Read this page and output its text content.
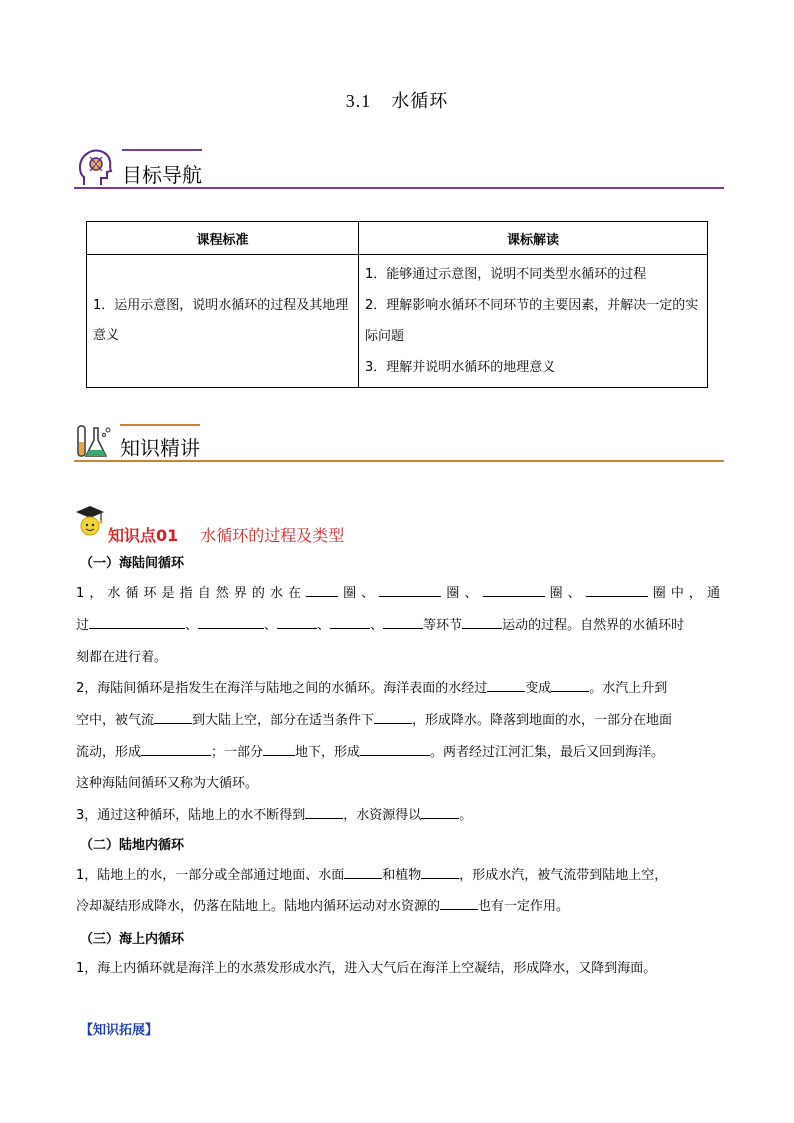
3.1 水循环
目标导航
课程标准	课标解读
1．运用示意图，说明水循环的过程及其地理意义	1．能够通过示意图，说明不同类型水循环的过程
2．理解影响水循环不同环节的主要因素，并解决一定的实际问题
3．理解并说明水循环的地理意义
知识精讲
知识点01 水循环的过程及类型
（一）海陆间循环
1，水循环是指自然界的水在 圈、	圈、	圈、	圈中，通
过	、	、	、	、	等环节	运动的过程。自然界的水循环时
刻都在进行着。
2，海陆间循环是指发生在海洋与陆地之间的水循环。海洋表面的水经过	变成	。水汽上升到
空中，被气流	到大陆上空，部分在适当条件下	，形成降水。降落到地面的水，一部分在地面
流动，形成	；一部分 地下，形成	。两者经过江河汇集，最后又回到海洋。
这种海陆间循环又称为大循环。
3，通过这种循环，陆地上的水不断得到	，水资源得以	。
（二）陆地内循环
1，陆地上的水，一部分或全部通过地面、水面	和植物	，形成水汽，被气流带到陆地上空，
冷却凝结形成降水，仍落在陆地上。陆地内循环运动对水资源的	也有一定作用。
（三）海上内循环
1，海上内循环就是海洋上的水蒸发形成水汽，进入大气后在海洋上空凝结，形成降水，又降到海面。
【知识拓展】
